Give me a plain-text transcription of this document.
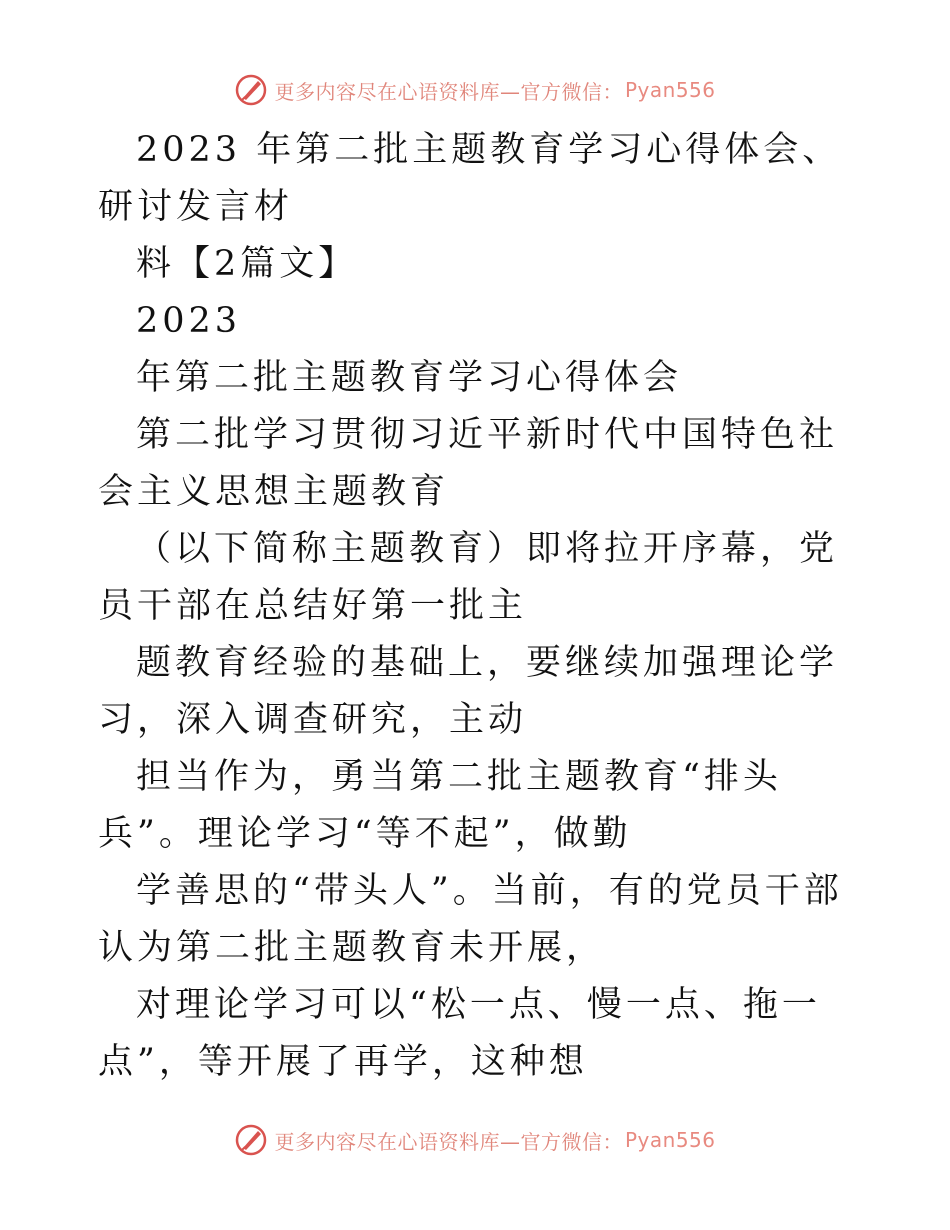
更多内容尽在心语资料库—官方微信： Pyan556

2023 年第二批主题教育学习心得体会、研讨发言材

料【2篇文】

2023

年第二批主题教育学习心得体会

第二批学习贯彻习近平新时代中国特色社会主义思想主题教育

（以下简称主题教育）即将拉开序幕，党员干部在总结好第一批主

题教育经验的基础上，要继续加强理论学习，深入调查研究，主动

担当作为，勇当第二批主题教育“排头兵”。理论学习“等不起”，做勤

学善思的“带头人”。当前，有的党员干部认为第二批主题教育未开展，

对理论学习可以“松一点、慢一点、拖一点”，等开展了再学，这种想

更多内容尽在心语资料库—官方微信： Pyan556
